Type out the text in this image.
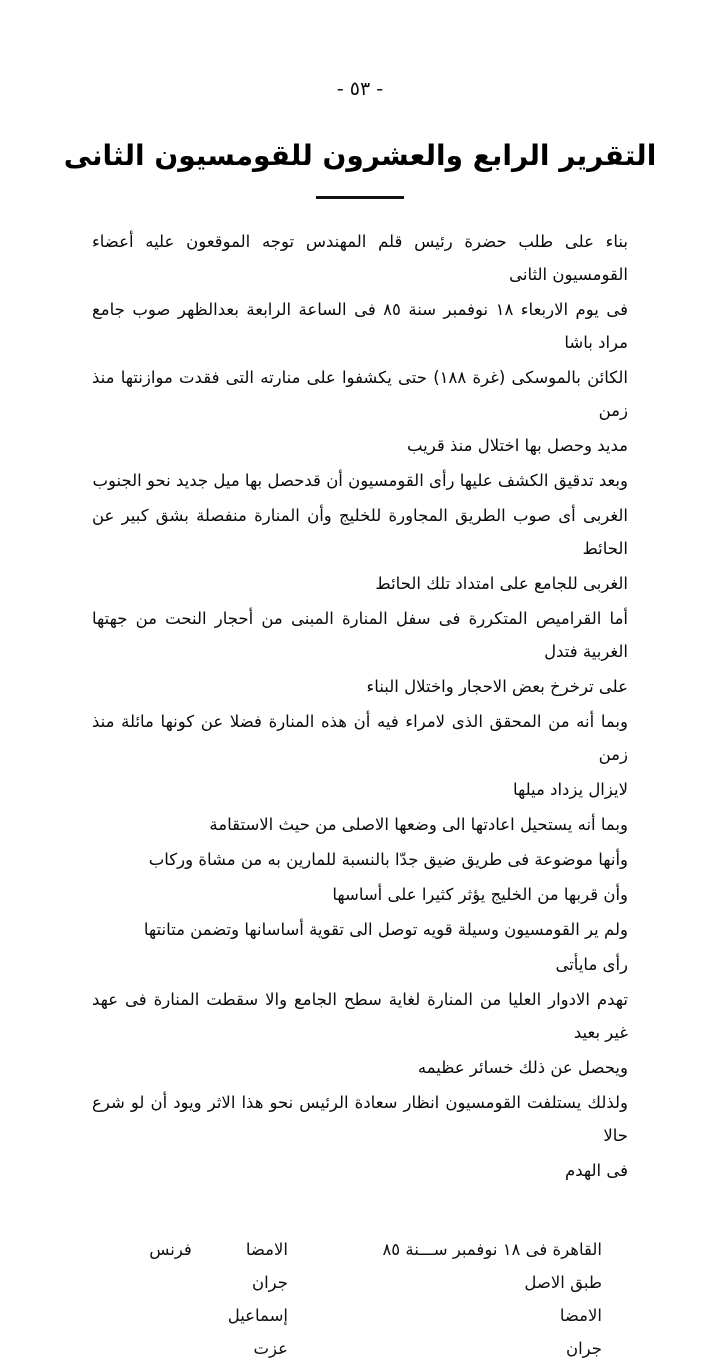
- ٥٣ -
التقرير الرابع والعشرون للقومسيون الثانى

بناء على طلب حضرة رئيس قلم المهندس توجه الموقعون عليه أعضاء القومسيون الثانى

فى يوم الاربعاء ١٨ نوفمبر سنة ٨٥ فى الساعة الرابعة بعدالظهر صوب جامع مراد باشا

الكائن بالموسكى (غرة ١٨٨) حتى يكشفوا على منارته التى فقدت موازنتها منذ زمن

مديد وحصل بها اختلال منذ قريب

وبعد تدقيق الكشف عليها رأى القومسيون أن قدحصل بها ميل جديد نحو الجنوب

الغربى أى صوب الطريق المجاورة للخليج وأن المنارة منفصلة بشق كبير عن الحائط

الغربى للجامع على امتداد تلك الحائط

أما القراميص المتكررة فى سفل المنارة المبنى من أحجار النحت من جهتها الغربية فتدل

على ترخرخ بعض الاحجار واختلال البناء

وبما أنه من المحقق الذى لامراء فيه أن هذه المنارة فضلا عن كونها مائلة منذ زمن

لايزال يزداد ميلها

وبما أنه يستحيل اعادتها الى وضعها الاصلى من حيث الاستقامة

وأنها موضوعة فى طريق ضيق جدّا بالنسبة للمارين به من مشاة وركاب

وأن قربها من الخليج يؤثر كثيرا على أساسها

ولم ير القومسيون وسيلة قويه توصل الى تقوية أساسانها وتضمن متانتها

رأى مايأتى

تهدم الادوار العليا من المنارة لغاية سطح الجامع والا سقطت المنارة فى عهد غير بعيد

ويحصل عن ذلك خسائر عظيمه

ولذلك يستلفت القومسيون انظار سعادة الرئيس نحو هذا الاثر ويود أن لو شرع حالا

فى الهدم

القاهرة فى ١٨ نوفمبر ســـنة ٨٥
طبق الاصل
الامضا
جران
الامضا
فرنس
جران
إسماعيل
عزت
